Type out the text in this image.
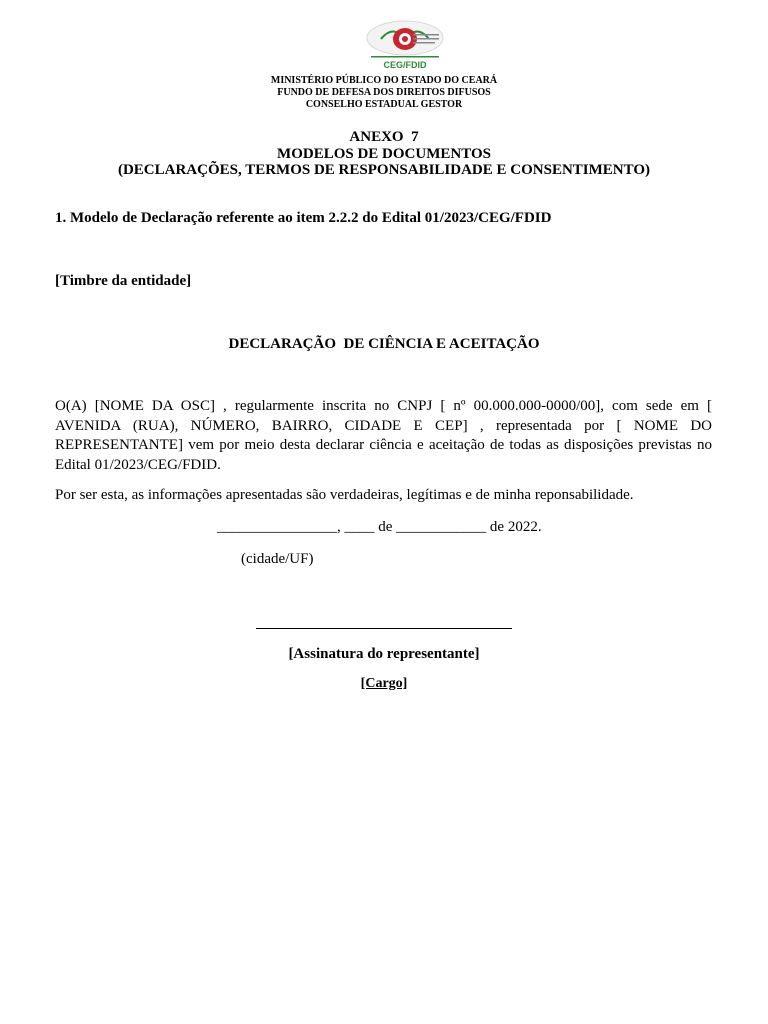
CEG/FDID
MINISTÉRIO PÚBLICO DO ESTADO DO CEARÁ
FUNDO DE DEFESA DOS DIREITOS DIFUSOS
CONSELHO ESTADUAL GESTOR
ANEXO  7
MODELOS DE DOCUMENTOS
(DECLARAÇÕES, TERMOS DE RESPONSABILIDADE E CONSENTIMENTO)
1. Modelo de Declaração referente ao item 2.2.2 do Edital 01/2023/CEG/FDID
[Timbre da entidade]
DECLARAÇÃO  DE CIÊNCIA E ACEITAÇÃO
O(A) [NOME DA OSC] , regularmente inscrita no CNPJ [ nº 00.000.000-0000/00], com sede em [ AVENIDA (RUA), NÚMERO, BAIRRO, CIDADE E CEP] , representada por [ NOME DO REPRESENTANTE] vem por meio desta declarar ciência e aceitação de todas as disposições previstas no Edital 01/2023/CEG/FDID.
Por ser esta, as informações apresentadas são verdadeiras, legítimas e de minha reponsabilidade.
________________, ____ de ____________ de 2022.
(cidade/UF)
[Assinatura do representante]
[Cargo]
